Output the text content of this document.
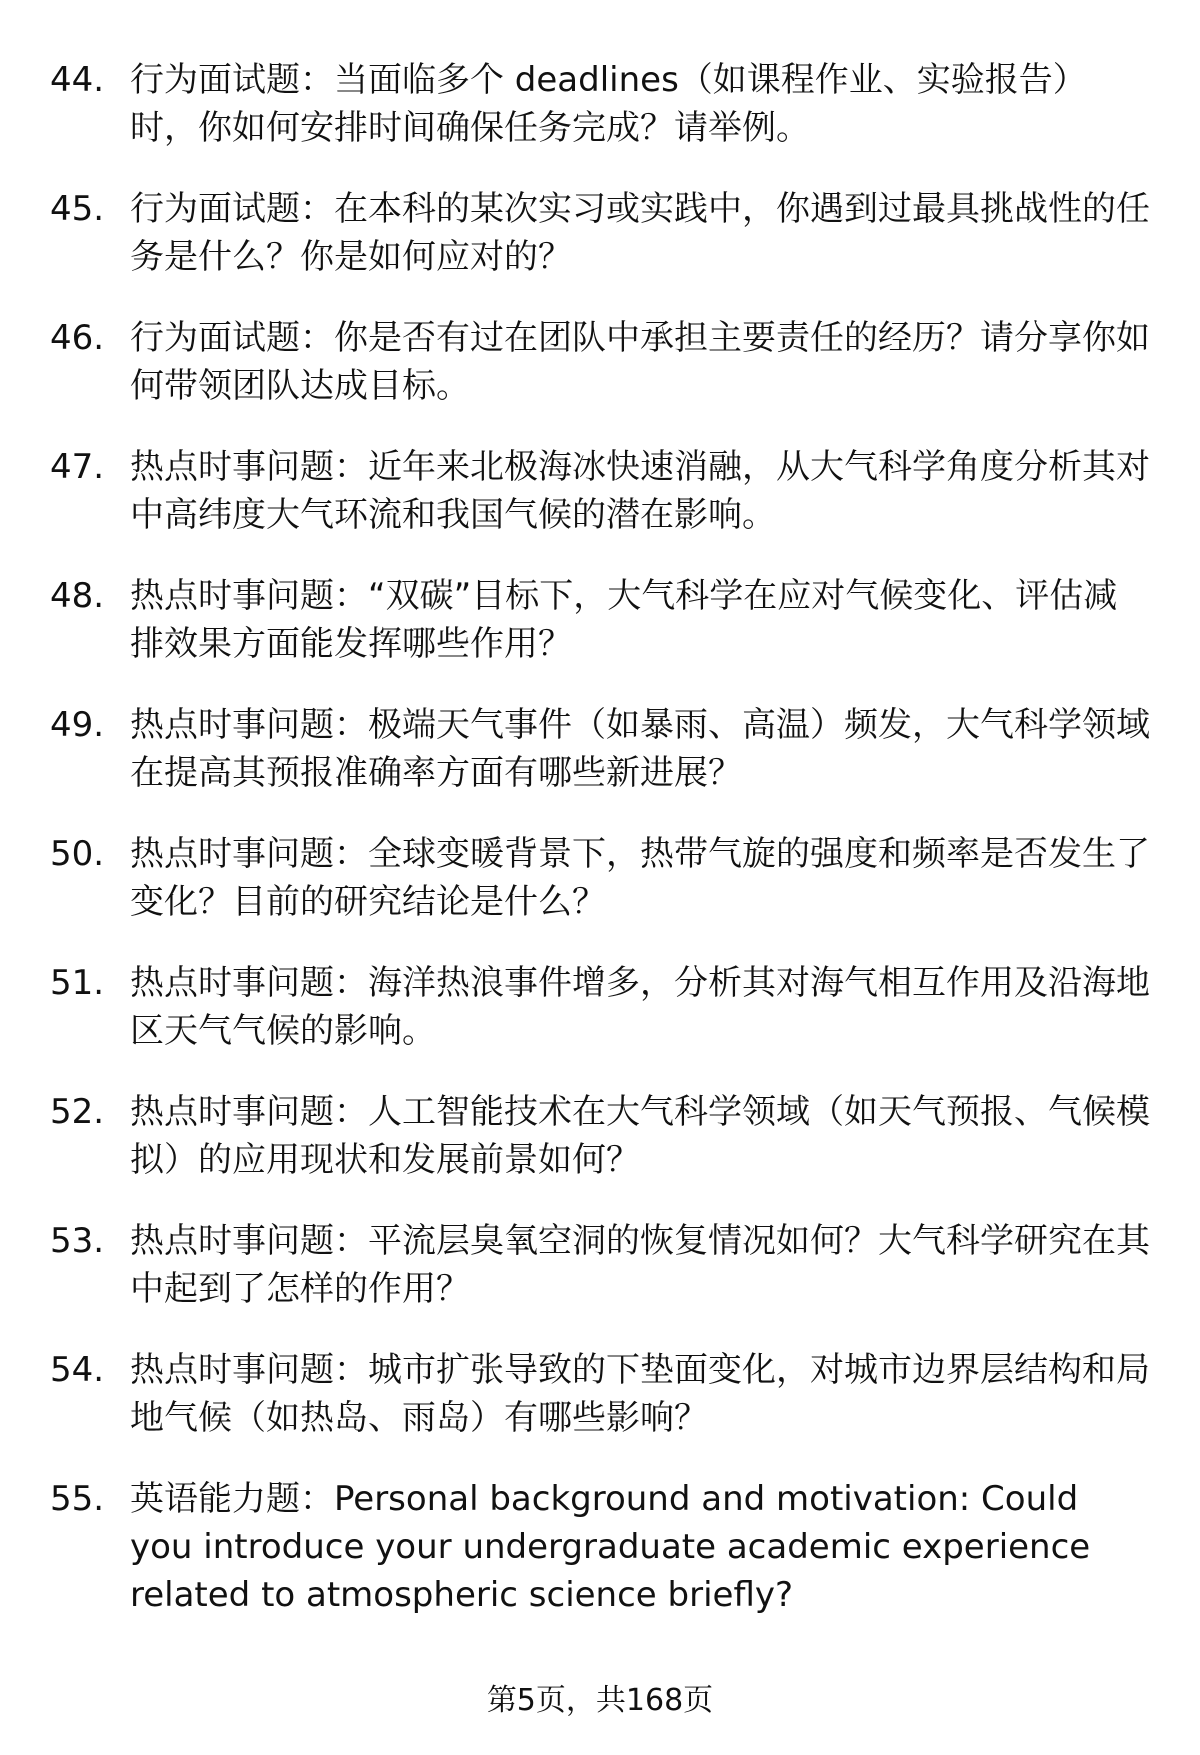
44. 行为面试题：当面临多个 deadlines（如课程作业、实验报告）时，你如何安排时间确保任务完成？请举例。
45. 行为面试题：在本科的某次实习或实践中，你遇到过最具挑战性的任务是什么？你是如何应对的？
46. 行为面试题：你是否有过在团队中承担主要责任的经历？请分享你如何带领团队达成目标。
47. 热点时事问题：近年来北极海冰快速消融，从大气科学角度分析其对中高纬度大气环流和我国气候的潜在影响。
48. 热点时事问题：“双碳”目标下，大气科学在应对气候变化、评估减排效果方面能发挥哪些作用？
49. 热点时事问题：极端天气事件（如暴雨、高温）频发，大气科学领域在提高其预报准确率方面有哪些新进展？
50. 热点时事问题：全球变暖背景下，热带气旋的强度和频率是否发生了变化？目前的研究结论是什么？
51. 热点时事问题：海洋热浪事件增多，分析其对海气相互作用及沿海地区天气气候的影响。
52. 热点时事问题：人工智能技术在大气科学领域（如天气预报、气候模拟）的应用现状和发展前景如何？
53. 热点时事问题：平流层臭氧空洞的恢复情况如何？大气科学研究在其中起到了怎样的作用？
54. 热点时事问题：城市扩张导致的下垫面变化，对城市边界层结构和局地气候（如热岛、雨岛）有哪些影响？
55. 英语能力题：Personal background and motivation: Could you introduce your undergraduate academic experience related to atmospheric science briefly?
第5页，共168页
